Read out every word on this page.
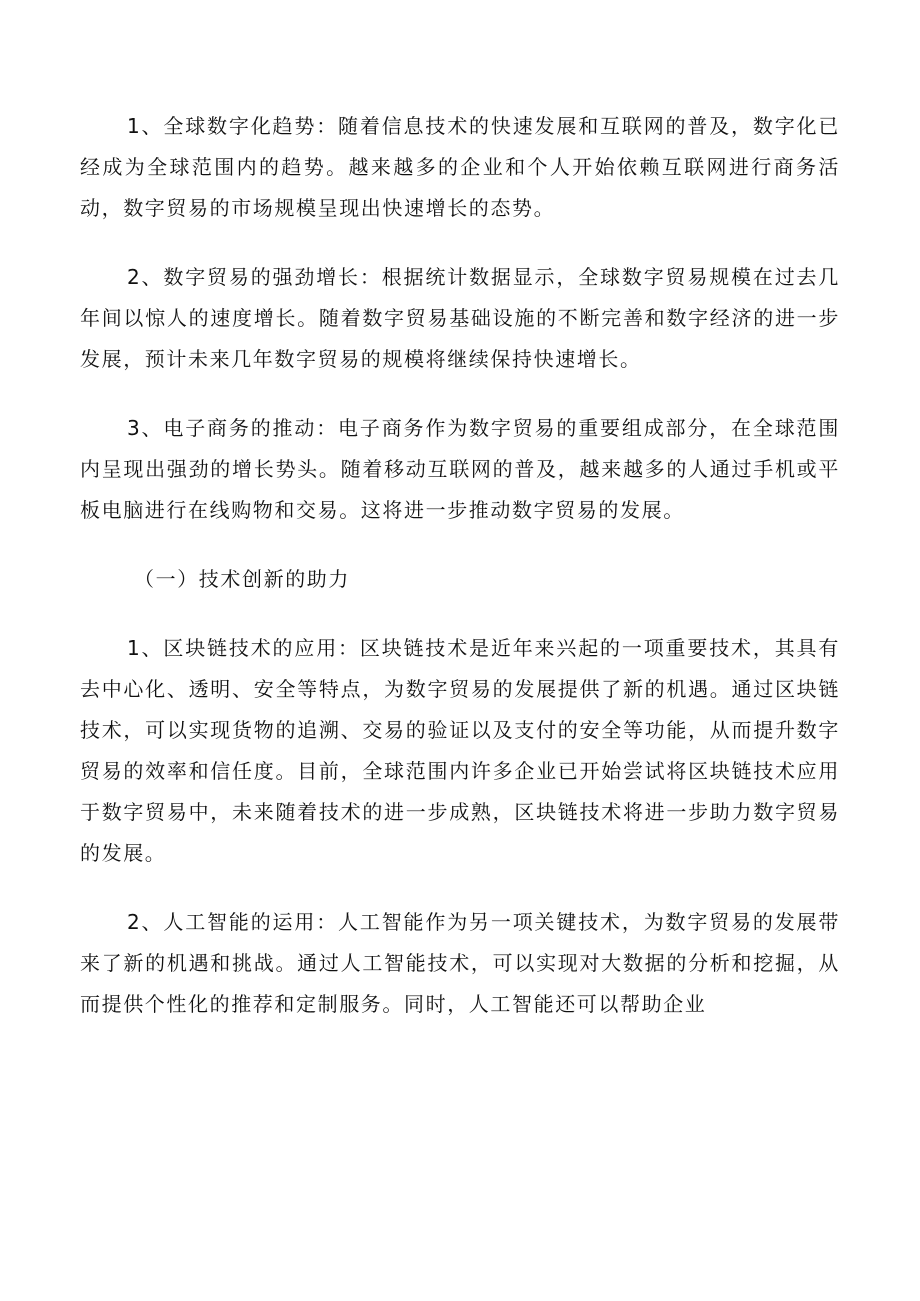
1、全球数字化趋势：随着信息技术的快速发展和互联网的普及，数字化已经成为全球范围内的趋势。越来越多的企业和个人开始依赖互联网进行商务活动，数字贸易的市场规模呈现出快速增长的态势。

2、数字贸易的强劲增长：根据统计数据显示，全球数字贸易规模在过去几年间以惊人的速度增长。随着数字贸易基础设施的不断完善和数字经济的进一步发展，预计未来几年数字贸易的规模将继续保持快速增长。

3、电子商务的推动：电子商务作为数字贸易的重要组成部分，在全球范围内呈现出强劲的增长势头。随着移动互联网的普及，越来越多的人通过手机或平板电脑进行在线购物和交易。这将进一步推动数字贸易的发展。

（一）技术创新的助力

1、区块链技术的应用：区块链技术是近年来兴起的一项重要技术，其具有去中心化、透明、安全等特点，为数字贸易的发展提供了新的机遇。通过区块链技术，可以实现货物的追溯、交易的验证以及支付的安全等功能，从而提升数字贸易的效率和信任度。目前，全球范围内许多企业已开始尝试将区块链技术应用于数字贸易中，未来随着技术的进一步成熟，区块链技术将进一步助力数字贸易的发展。

2、人工智能的运用：人工智能作为另一项关键技术，为数字贸易的发展带来了新的机遇和挑战。通过人工智能技术，可以实现对大数据的分析和挖掘，从而提供个性化的推荐和定制服务。同时，人工智能还可以帮助企业
